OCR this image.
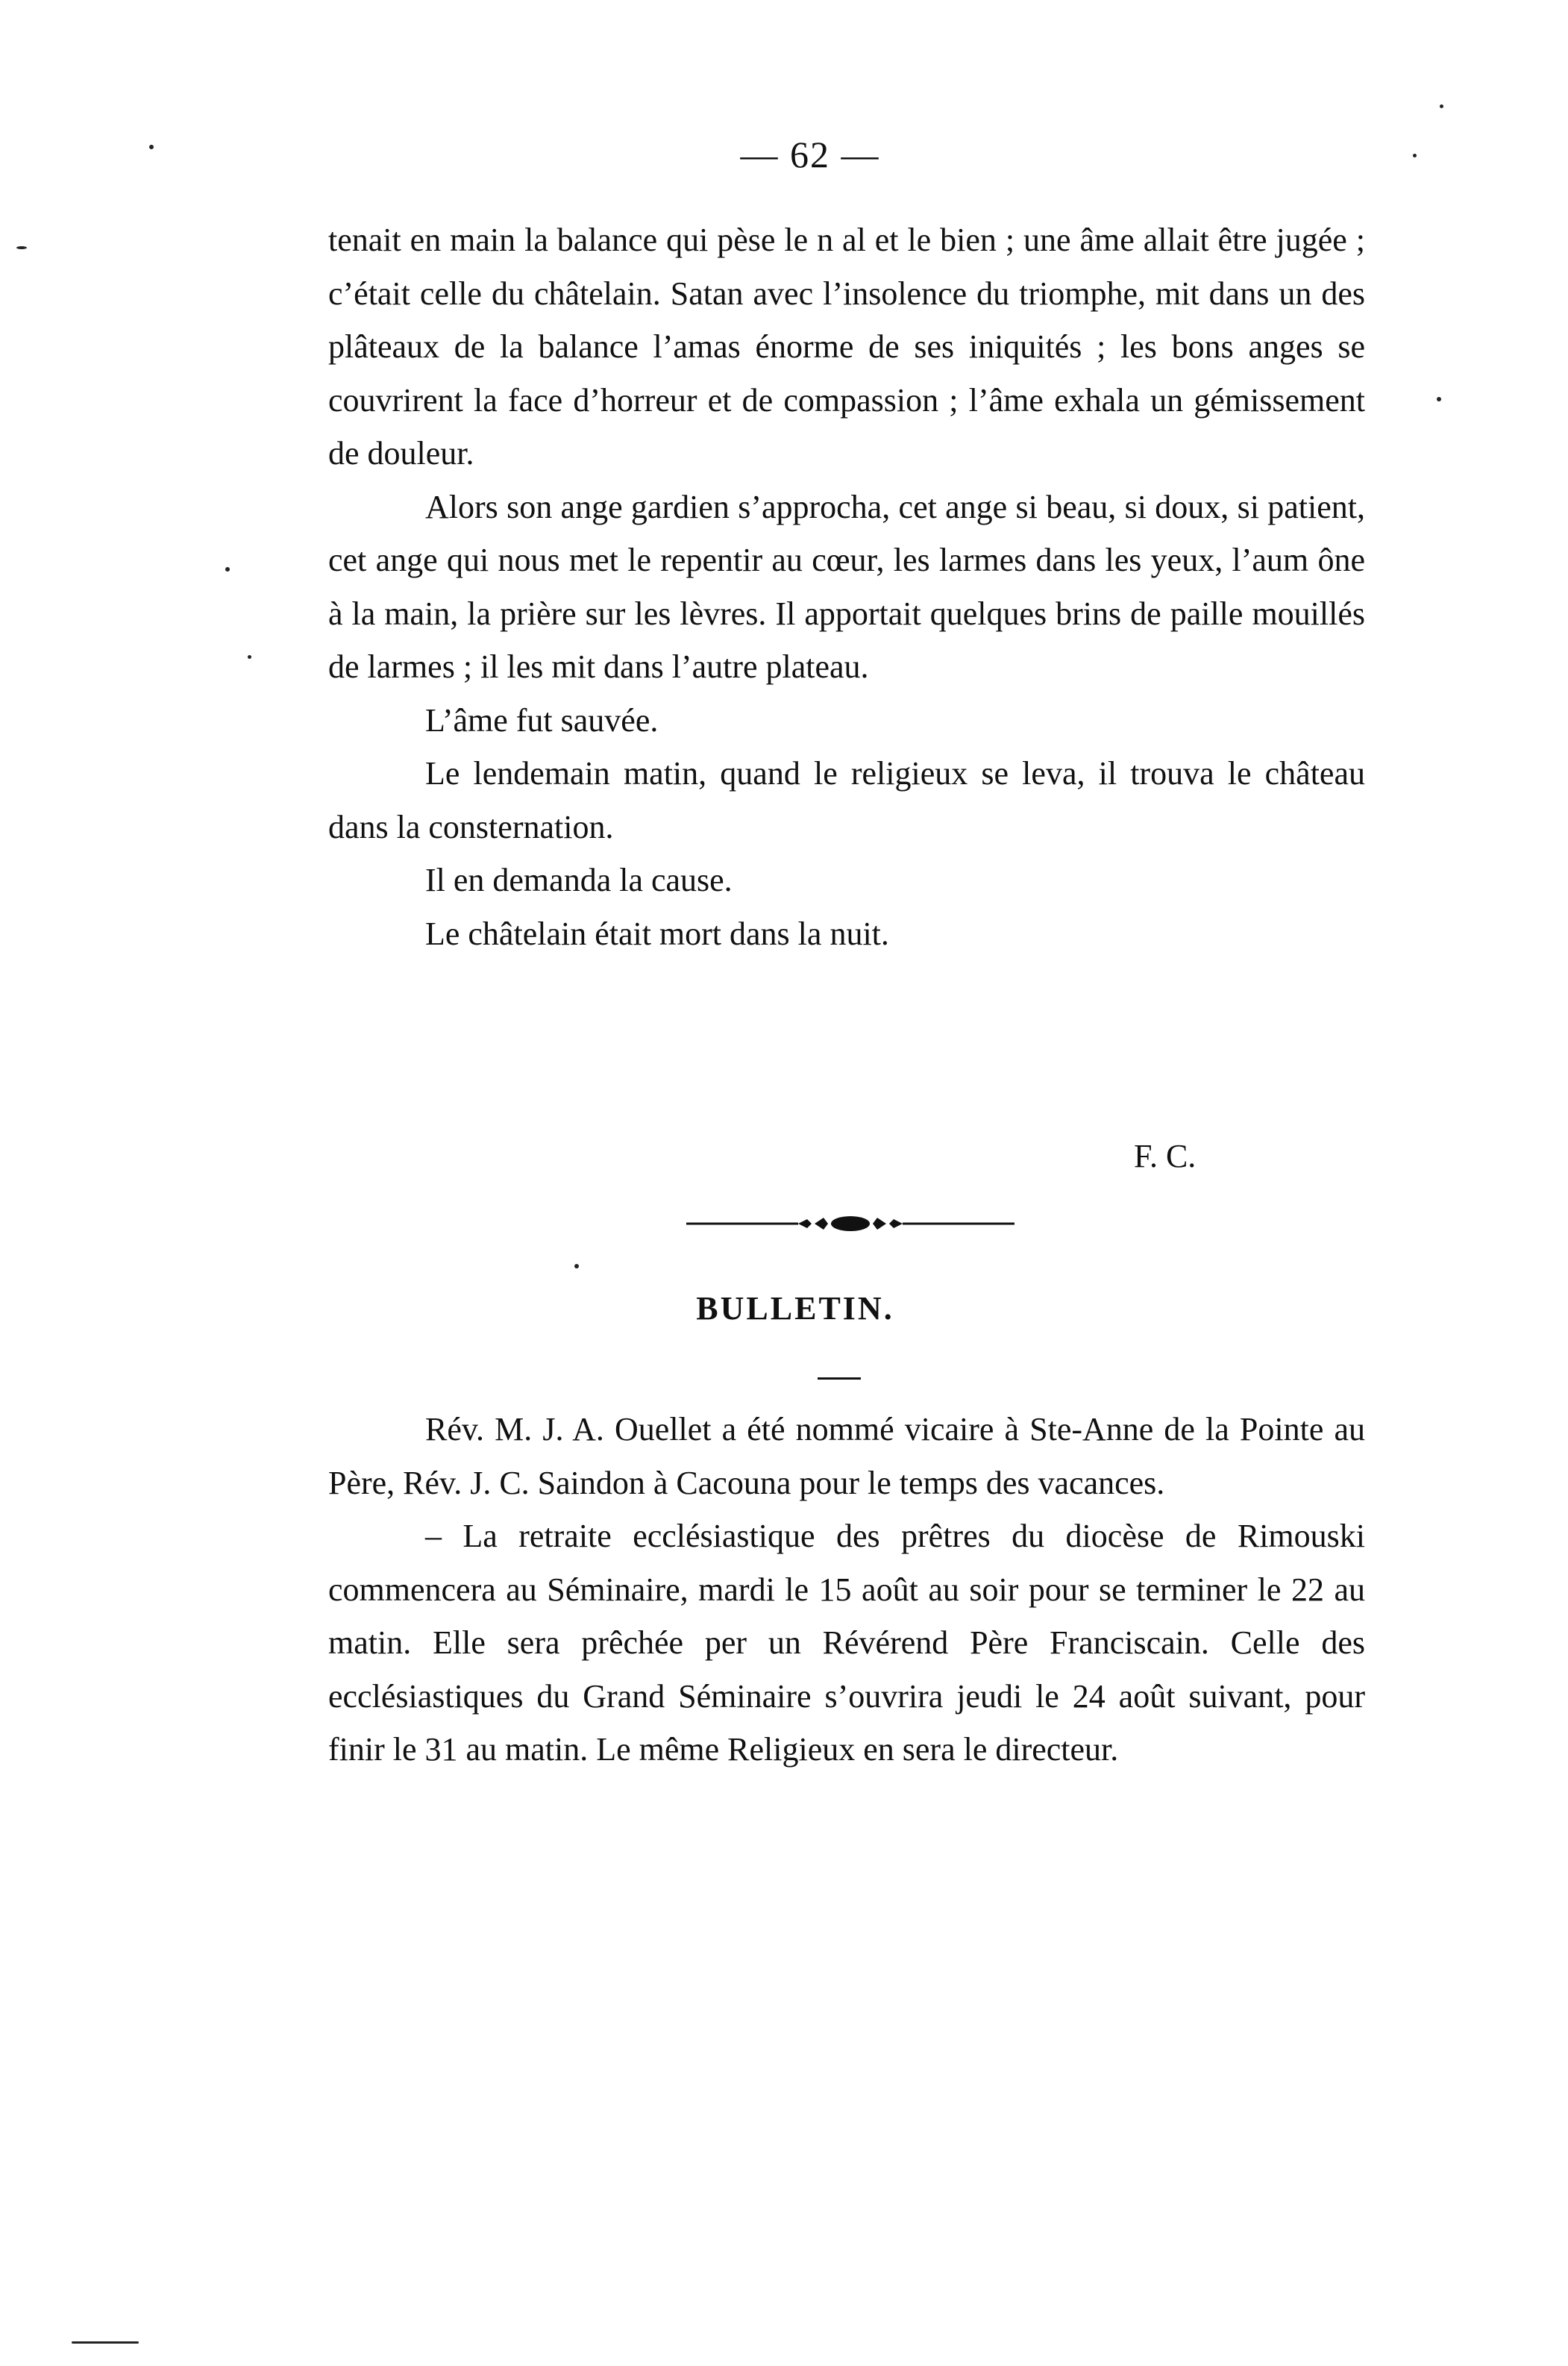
— 62 —

tenait en main la balance qui pèse le n al et le bien ; une âme allait être jugée ; c’était celle du châtelain. Satan avec l’insolence du triomphe, mit dans un des plâteaux de la balance l’amas énorme de ses iniquités ; les bons anges se couvrirent la face d’horreur et de compassion ; l’âme exhala un gémissement de douleur.

Alors son ange gardien s’approcha, cet ange si beau, si doux, si patient, cet ange qui nous met le repentir au cœur, les larmes dans les yeux, l’aum ône à la main, la prière sur les lèvres. Il apportait quelques brins de paille mouillés de larmes ; il les mit dans l’autre plateau.

L’âme fut sauvée.

Le lendemain matin, quand le religieux se leva, il trouva le château dans la consternation.

Il en demanda la cause.

Le châtelain était mort dans la nuit.

F. C.
BULLETIN.

Rév. M. J. A. Ouellet a été nommé vicaire à Ste-Anne de la Pointe au Père, Rév. J. C. Saindon à Cacouna pour le temps des vacances.

– La retraite ecclésiastique des prêtres du diocèse de Rimouski commencera au Séminaire, mardi le 15 août au soir pour se terminer le 22 au matin. Elle sera prêchée per un Révérend Père Franciscain. Celle des ecclésiastiques du Grand Séminaire s’ouvrira jeudi le 24 août suivant, pour finir le 31 au matin. Le même Religieux en sera le directeur.
